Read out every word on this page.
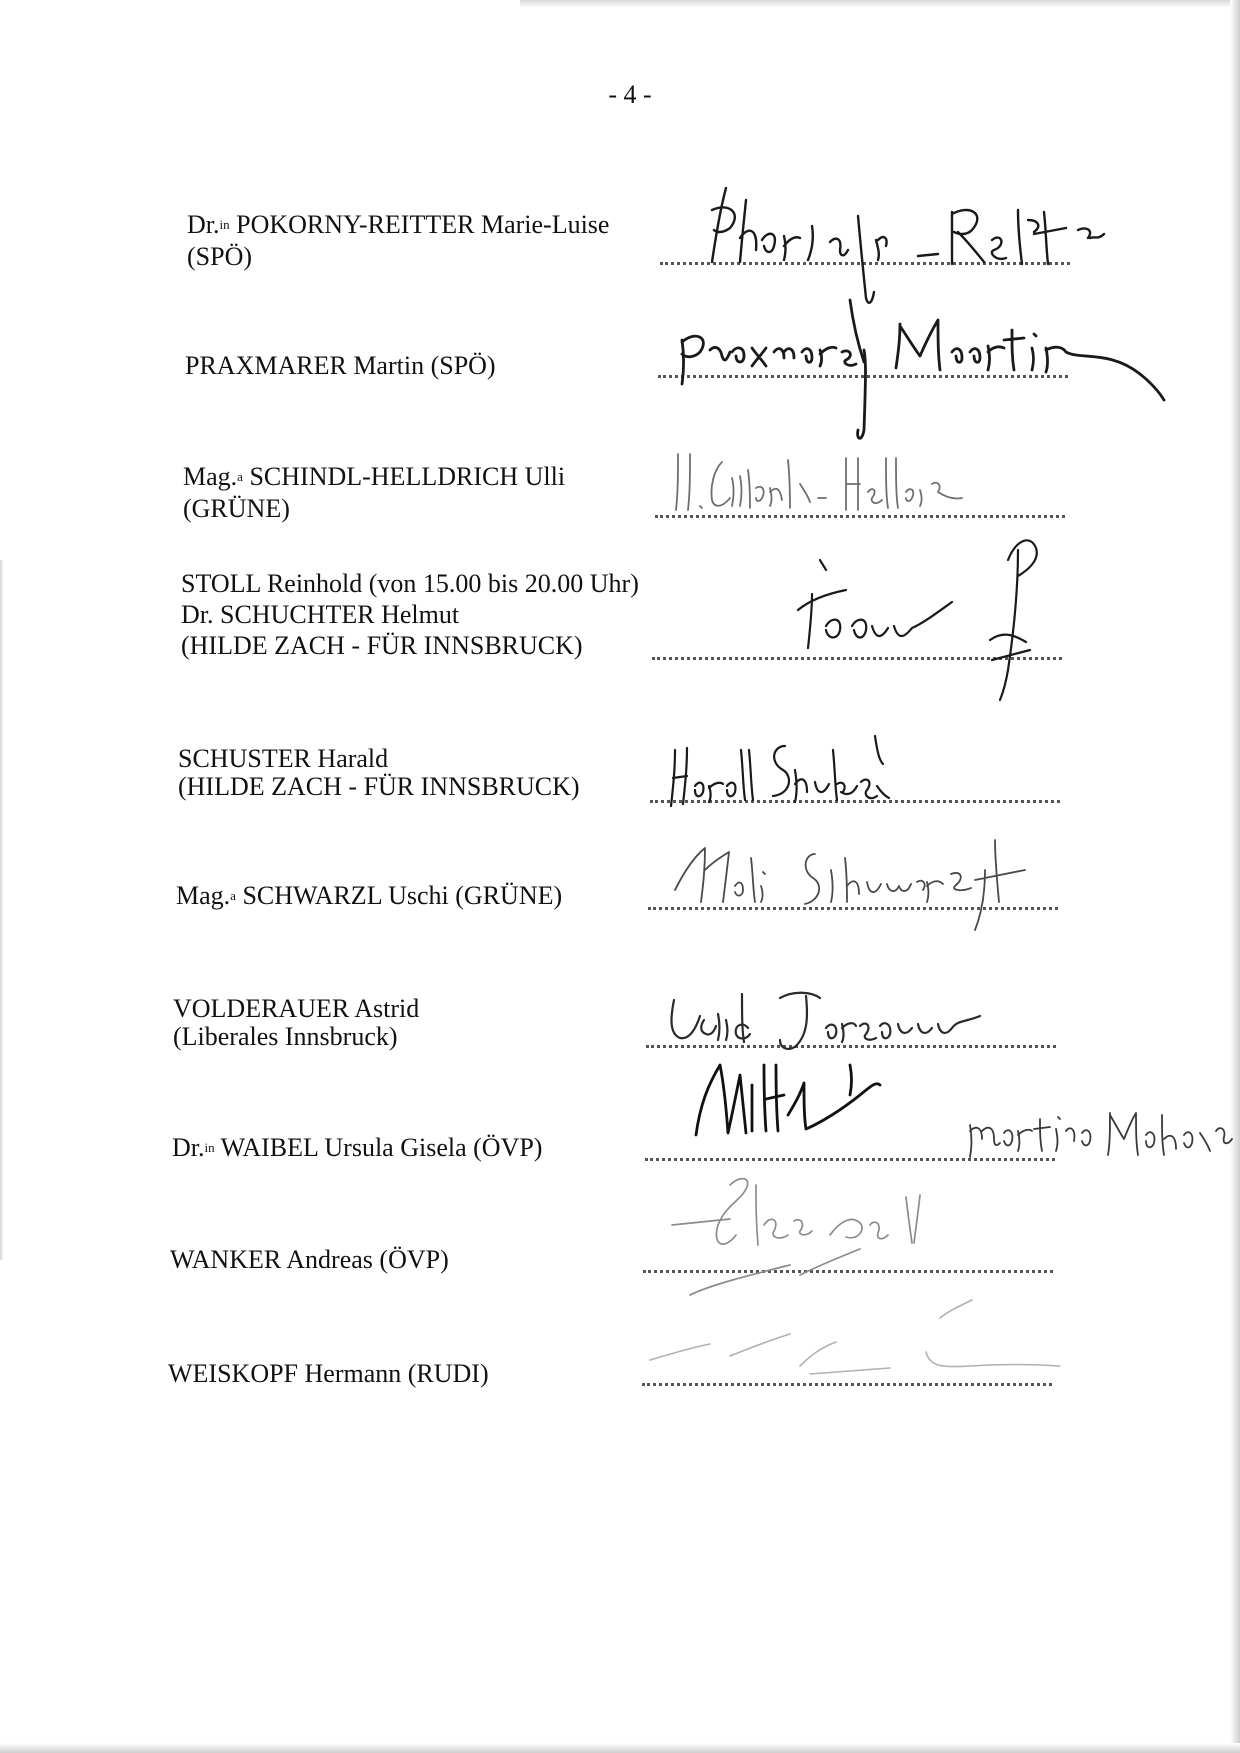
- 4 -
Dr.$^{in}$ POKORNY-REITTER Marie-Luise
(SPÖ)
PRAXMARER Martin (SPÖ)
Mag.$^a$ SCHINDL-HELLDRICH Ulli
(GRÜNE)
STOLL Reinhold (von 15.00 bis 20.00 Uhr)
Dr. SCHUCHTER Helmut
(HILDE ZACH - FÜR INNSBRUCK)
SCHUSTER Harald
(HILDE ZACH - FÜR INNSBRUCK)
Mag.$^a$ SCHWARZL Uschi (GRÜNE)
VOLDERAUER Astrid
(Liberales Innsbruck)
Dr.$^{in}$ WAIBEL Ursula Gisela (ÖVP)
WANKER Andreas (ÖVP)
WEISKOPF Hermann (RUDI)
